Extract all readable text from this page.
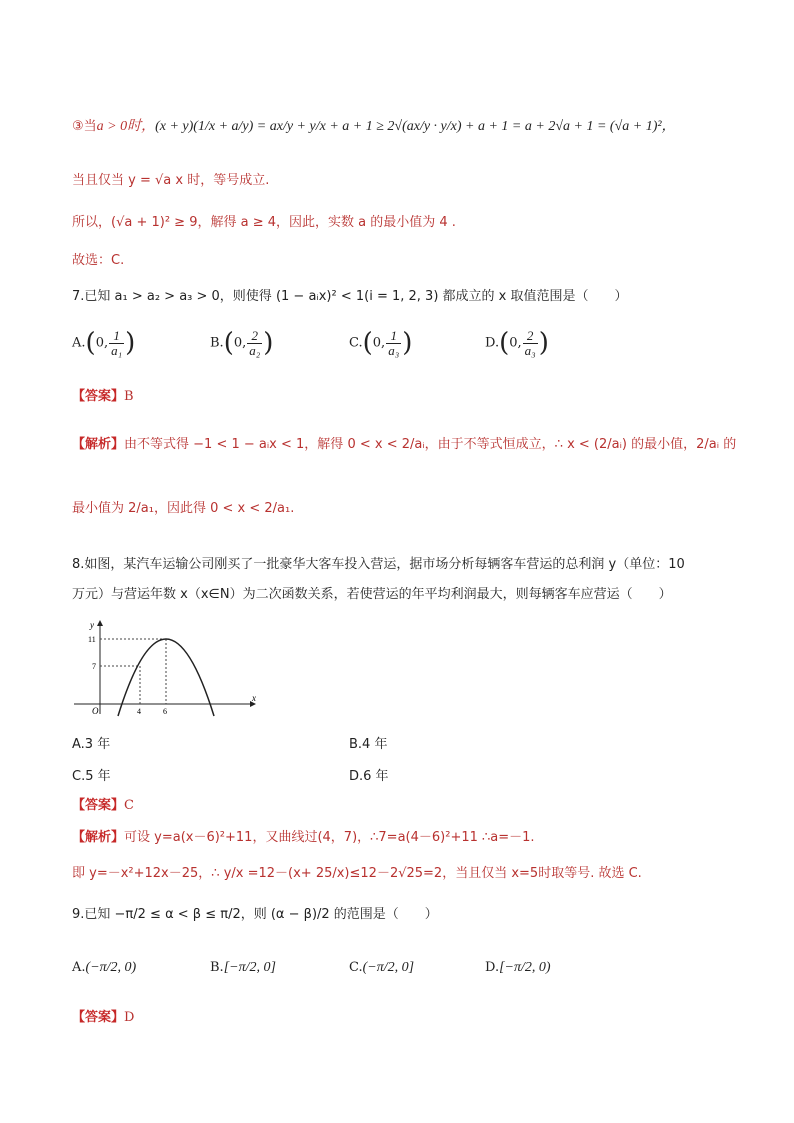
③当a > 0时，(x + y)(1/x + a/y) = ax/y + y/x + a + 1 ≥ 2√(ax/y · y/x) + a + 1 = a + 2√a + 1 = (√a + 1)²，
当且仅当 y = √a x 时，等号成立.
所以，(√a + 1)² ≥ 9，解得 a ≥ 4，因此，实数 a 的最小值为 4 .
故选：C.
7.已知 a₁ > a₂ > a₃ > 0，则使得 (1 − aᵢx)² < 1(i = 1, 2, 3) 都成立的 x 取值范围是（　　）
A.(0, $\frac{1}{\text{a₁}}$ )	B.(0, $\frac{2}{\text{a₂}}$ )	C.(0, $\frac{1}{\text{a₃}}$ )	D.(0, $\frac{2}{\text{a₃}}$ )
【答案】B
【解析】由不等式得 −1 < 1 − aᵢx < 1，解得 0 < x < 2/aᵢ，由于不等式恒成立，∴ x < (2/aᵢ) 的最小值，2/aᵢ 的
最小值为 2/a₁，因此得 0 < x < 2/a₁.
8.如图，某汽车运输公司刚买了一批豪华大客车投入营运，据市场分析每辆客车营运的总利润 y（单位：10
万元）与营运年数 x（x∈N）为二次函数关系，若使营运的年平均利润最大，则每辆客车应营运（　　）
y
x
O
11
7
4	6
A.3 年	B.4 年
C.5 年	D.6 年
【答案】C
【解析】可设 y=a(x－6)²+11，又曲线过(4，7)，∴7=a(4－6)²+11 ∴a=－1.
即 y=－x²+12x－25，∴ y/x =12－(x+ 25/x)≤12－2√25=2，当且仅当 x=5时取等号. 故选 C.
9.已知 −π/2 ≤ α < β ≤ π/2，则 (α − β)/2 的范围是（　　）
A.(−π/2, 0)	B.[−π/2, 0]	C.(−π/2, 0]	D.[−π/2, 0)
【答案】D
